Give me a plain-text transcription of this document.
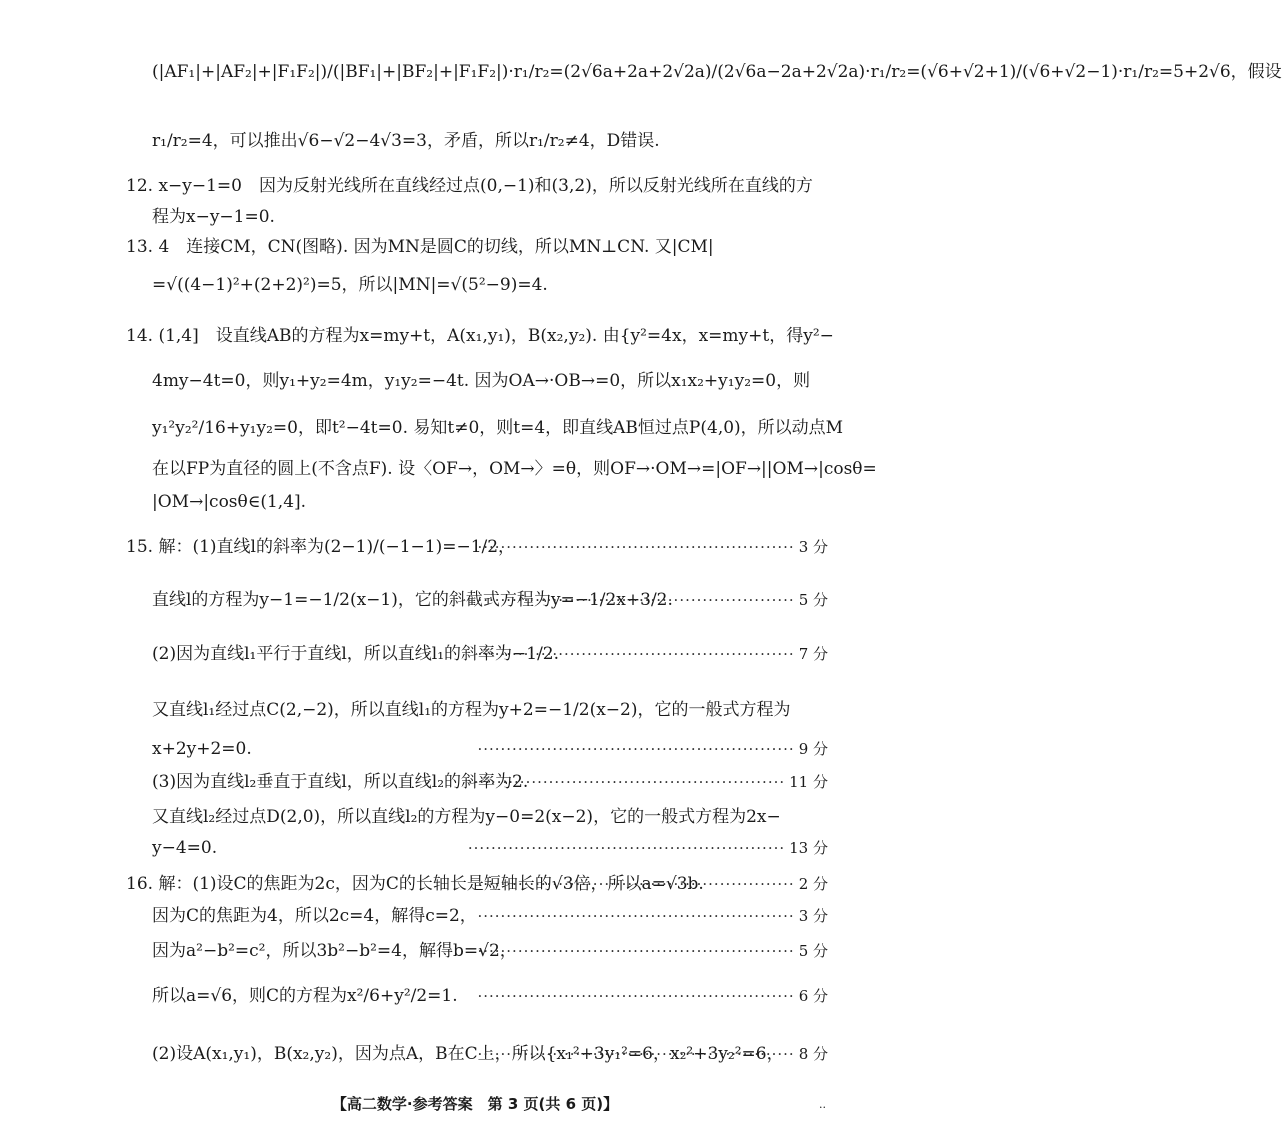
(|AF₁|+|AF₂|+|F₁F₂|)/(|BF₁|+|BF₂|+|F₁F₂|)·r₁/r₂=(2√6a+2a+2√2a)/(2√6a−2a+2√2a)·r₁/r₂=(√6+√2+1)/(√6+√2−1)·r₁/r₂=5+2√6，假设
r₁/r₂=4，可以推出√6−√2−4√3=3，矛盾，所以r₁/r₂≠4，D错误.
12. x−y−1=0　因为反射光线所在直线经过点(0,−1)和(3,2)，所以反射光线所在直线的方
程为x−y−1=0.
13. 4　连接CM，CN(图略). 因为MN是圆C的切线，所以MN⊥CN. 又|CM|
=√((4−1)²+(2+2)²)=5，所以|MN|=√(5²−9)=4.
14. (1,4]　设直线AB的方程为x=my+t，A(x₁,y₁)，B(x₂,y₂). 由{y²=4x，x=my+t，得y²−
4my−4t=0，则y₁+y₂=4m，y₁y₂=−4t. 因为OA→·OB→=0，所以x₁x₂+y₁y₂=0，则
y₁²y₂²/16+y₁y₂=0，即t²−4t=0. 易知t≠0，则t=4，即直线AB恒过点P(4,0)，所以动点M
在以FP为直径的圆上(不含点F). 设〈OF→，OM→〉=θ，则OF→·OM→=|OF→||OM→|cosθ=
|OM→|cosθ∈(1,4].
15. 解：(1)直线l的斜率为(2−1)/(−1−1)=−1/2，	····· 3 分
直线l的方程为y−1=−1/2(x−1)，它的斜截式方程为y=−1/2x+3/2.	····· 5 分
(2)因为直线l₁平行于直线l，所以直线l₁的斜率为−1/2.	····· 7 分
又直线l₁经过点C(2,−2)，所以直线l₁的方程为y+2=−1/2(x−2)，它的一般式方程为
x+2y+2=0.	····· 9 分
(3)因为直线l₂垂直于直线l，所以直线l₂的斜率为2.	····· 11 分
又直线l₂经过点D(2,0)，所以直线l₂的方程为y−0=2(x−2)，它的一般式方程为2x−
y−4=0.	····· 13 分
16. 解：(1)设C的焦距为2c，因为C的长轴长是短轴长的√3倍，所以a=√3b.	····· 2 分
因为C的焦距为4，所以2c=4，解得c=2，	····· 3 分
因为a²−b²=c²，所以3b²−b²=4，解得b=√2，	····· 5 分
所以a=√6，则C的方程为x²/6+y²/2=1.	····· 6 分
(2)设A(x₁,y₁)，B(x₂,y₂)，因为点A，B在C上，所以{x₁²+3y₁²=6，x₂²+3y₂²=6，	····· 8 分
【高二数学·参考答案　第 3 页(共 6 页)】	..
